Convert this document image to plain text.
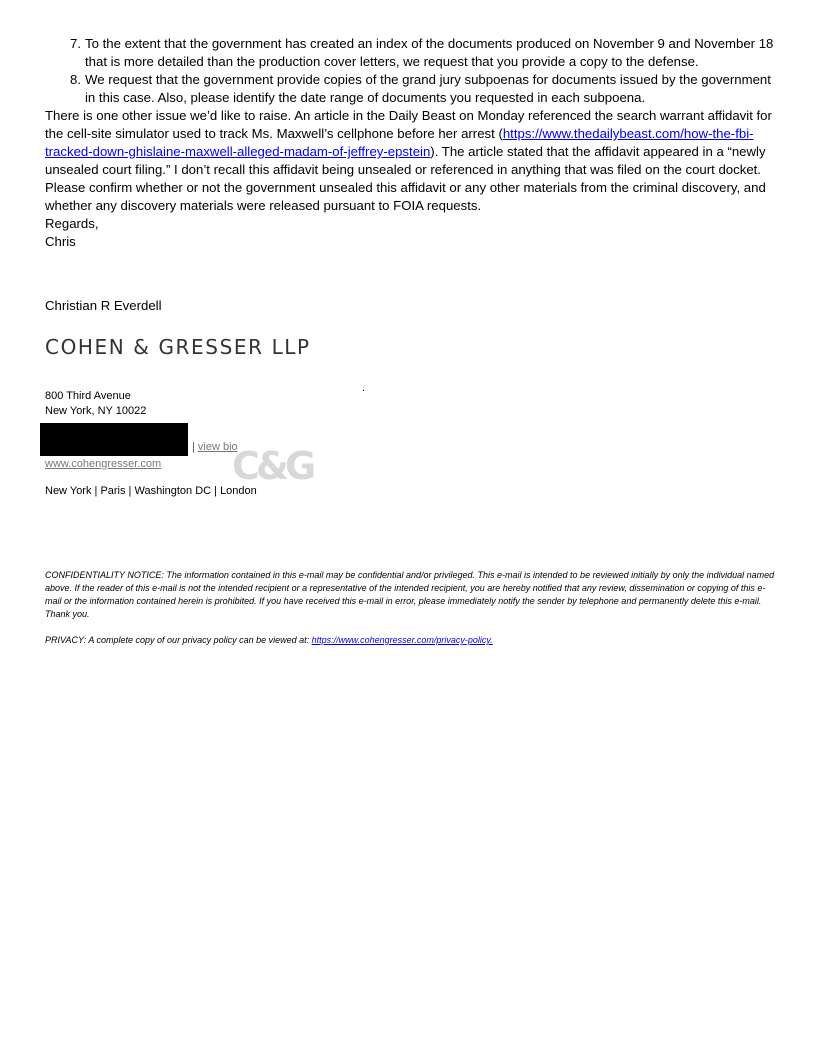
7. To the extent that the government has created an index of the documents produced on November 9 and November 18 that is more detailed than the production cover letters, we request that you provide a copy to the defense.
8. We request that the government provide copies of the grand jury subpoenas for documents issued by the government in this case. Also, please identify the date range of documents you requested in each subpoena.

There is one other issue we’d like to raise. An article in the Daily Beast on Monday referenced the search warrant affidavit for the cell-site simulator used to track Ms. Maxwell’s cellphone before her arrest (https://www.thedailybeast.com/how-the-fbi-tracked-down-ghislaine-maxwell-alleged-madam-of-jeffrey-epstein). The article stated that the affidavit appeared in a “newly unsealed court filing.” I don’t recall this affidavit being unsealed or referenced in anything that was filed on the court docket. Please confirm whether or not the government unsealed this affidavit or any other materials from the criminal discovery, and whether any discovery materials were released pursuant to FOIA requests.

Regards,

Chris

Christian R Everdell

COHEN & GRESSER LLP
800 Third Avenue
New York, NY 10022
| view bio
www.cohengresser.com
New York | Paris | Washington DC | London

CONFIDENTIALITY NOTICE: The information contained in this e-mail may be confidential and/or privileged. This e-mail is intended to be reviewed initially by only the individual named above. If the reader of this e-mail is not the intended recipient or a representative of the intended recipient, you are hereby notified that any review, dissemination or copying of this e-mail or the information contained herein is prohibited. If you have received this e-mail in error, please immediately notify the sender by telephone and permanently delete this e-mail. Thank you.

PRIVACY: A complete copy of our privacy policy can be viewed at: https://www.cohengresser.com/privacy-policy.

C&G
.
